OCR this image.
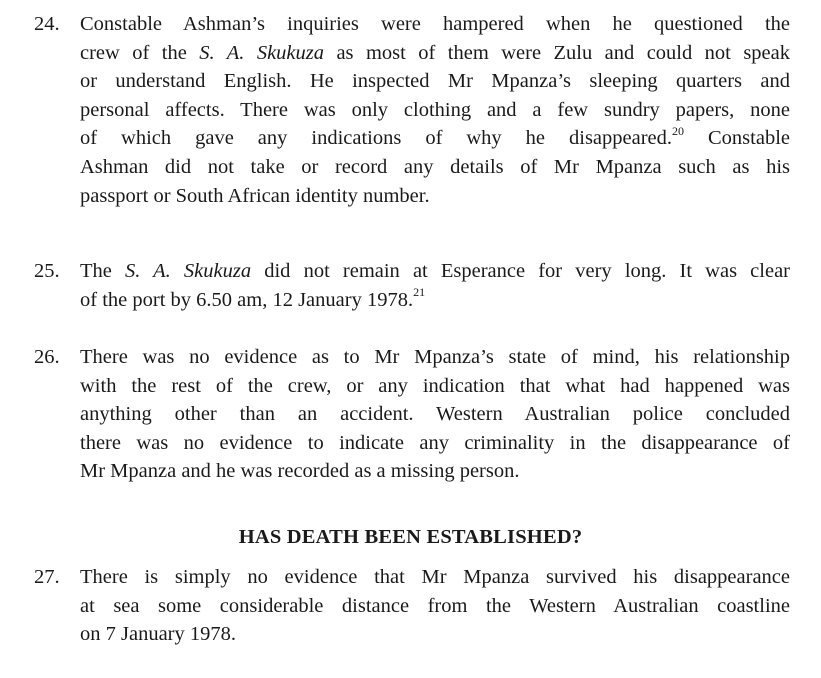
24. Constable Ashman’s inquiries were hampered when he questioned the
crew of the S. A. Skukuza as most of them were Zulu and could not speak
or understand English. He inspected Mr Mpanza’s sleeping quarters and
personal affects. There was only clothing and a few sundry papers, none
of which gave any indications of why he disappeared.$^{20}$ Constable
Ashman did not take or record any details of Mr Mpanza such as his
passport or South African identity number.
25. The S. A. Skukuza did not remain at Esperance for very long. It was clear
of the port by 6.50 am, 12 January 1978.21
26. There was no evidence as to Mr Mpanza’s state of mind, his relationship
with the rest of the crew, or any indication that what had happened was
anything other than an accident. Western Australian police concluded
there was no evidence to indicate any criminality in the disappearance of
Mr Mpanza and he was recorded as a missing person.
HAS DEATH BEEN ESTABLISHED?
27. There is simply no evidence that Mr Mpanza survived his disappearance
at sea some considerable distance from the Western Australian coastline
on 7 January 1978.
